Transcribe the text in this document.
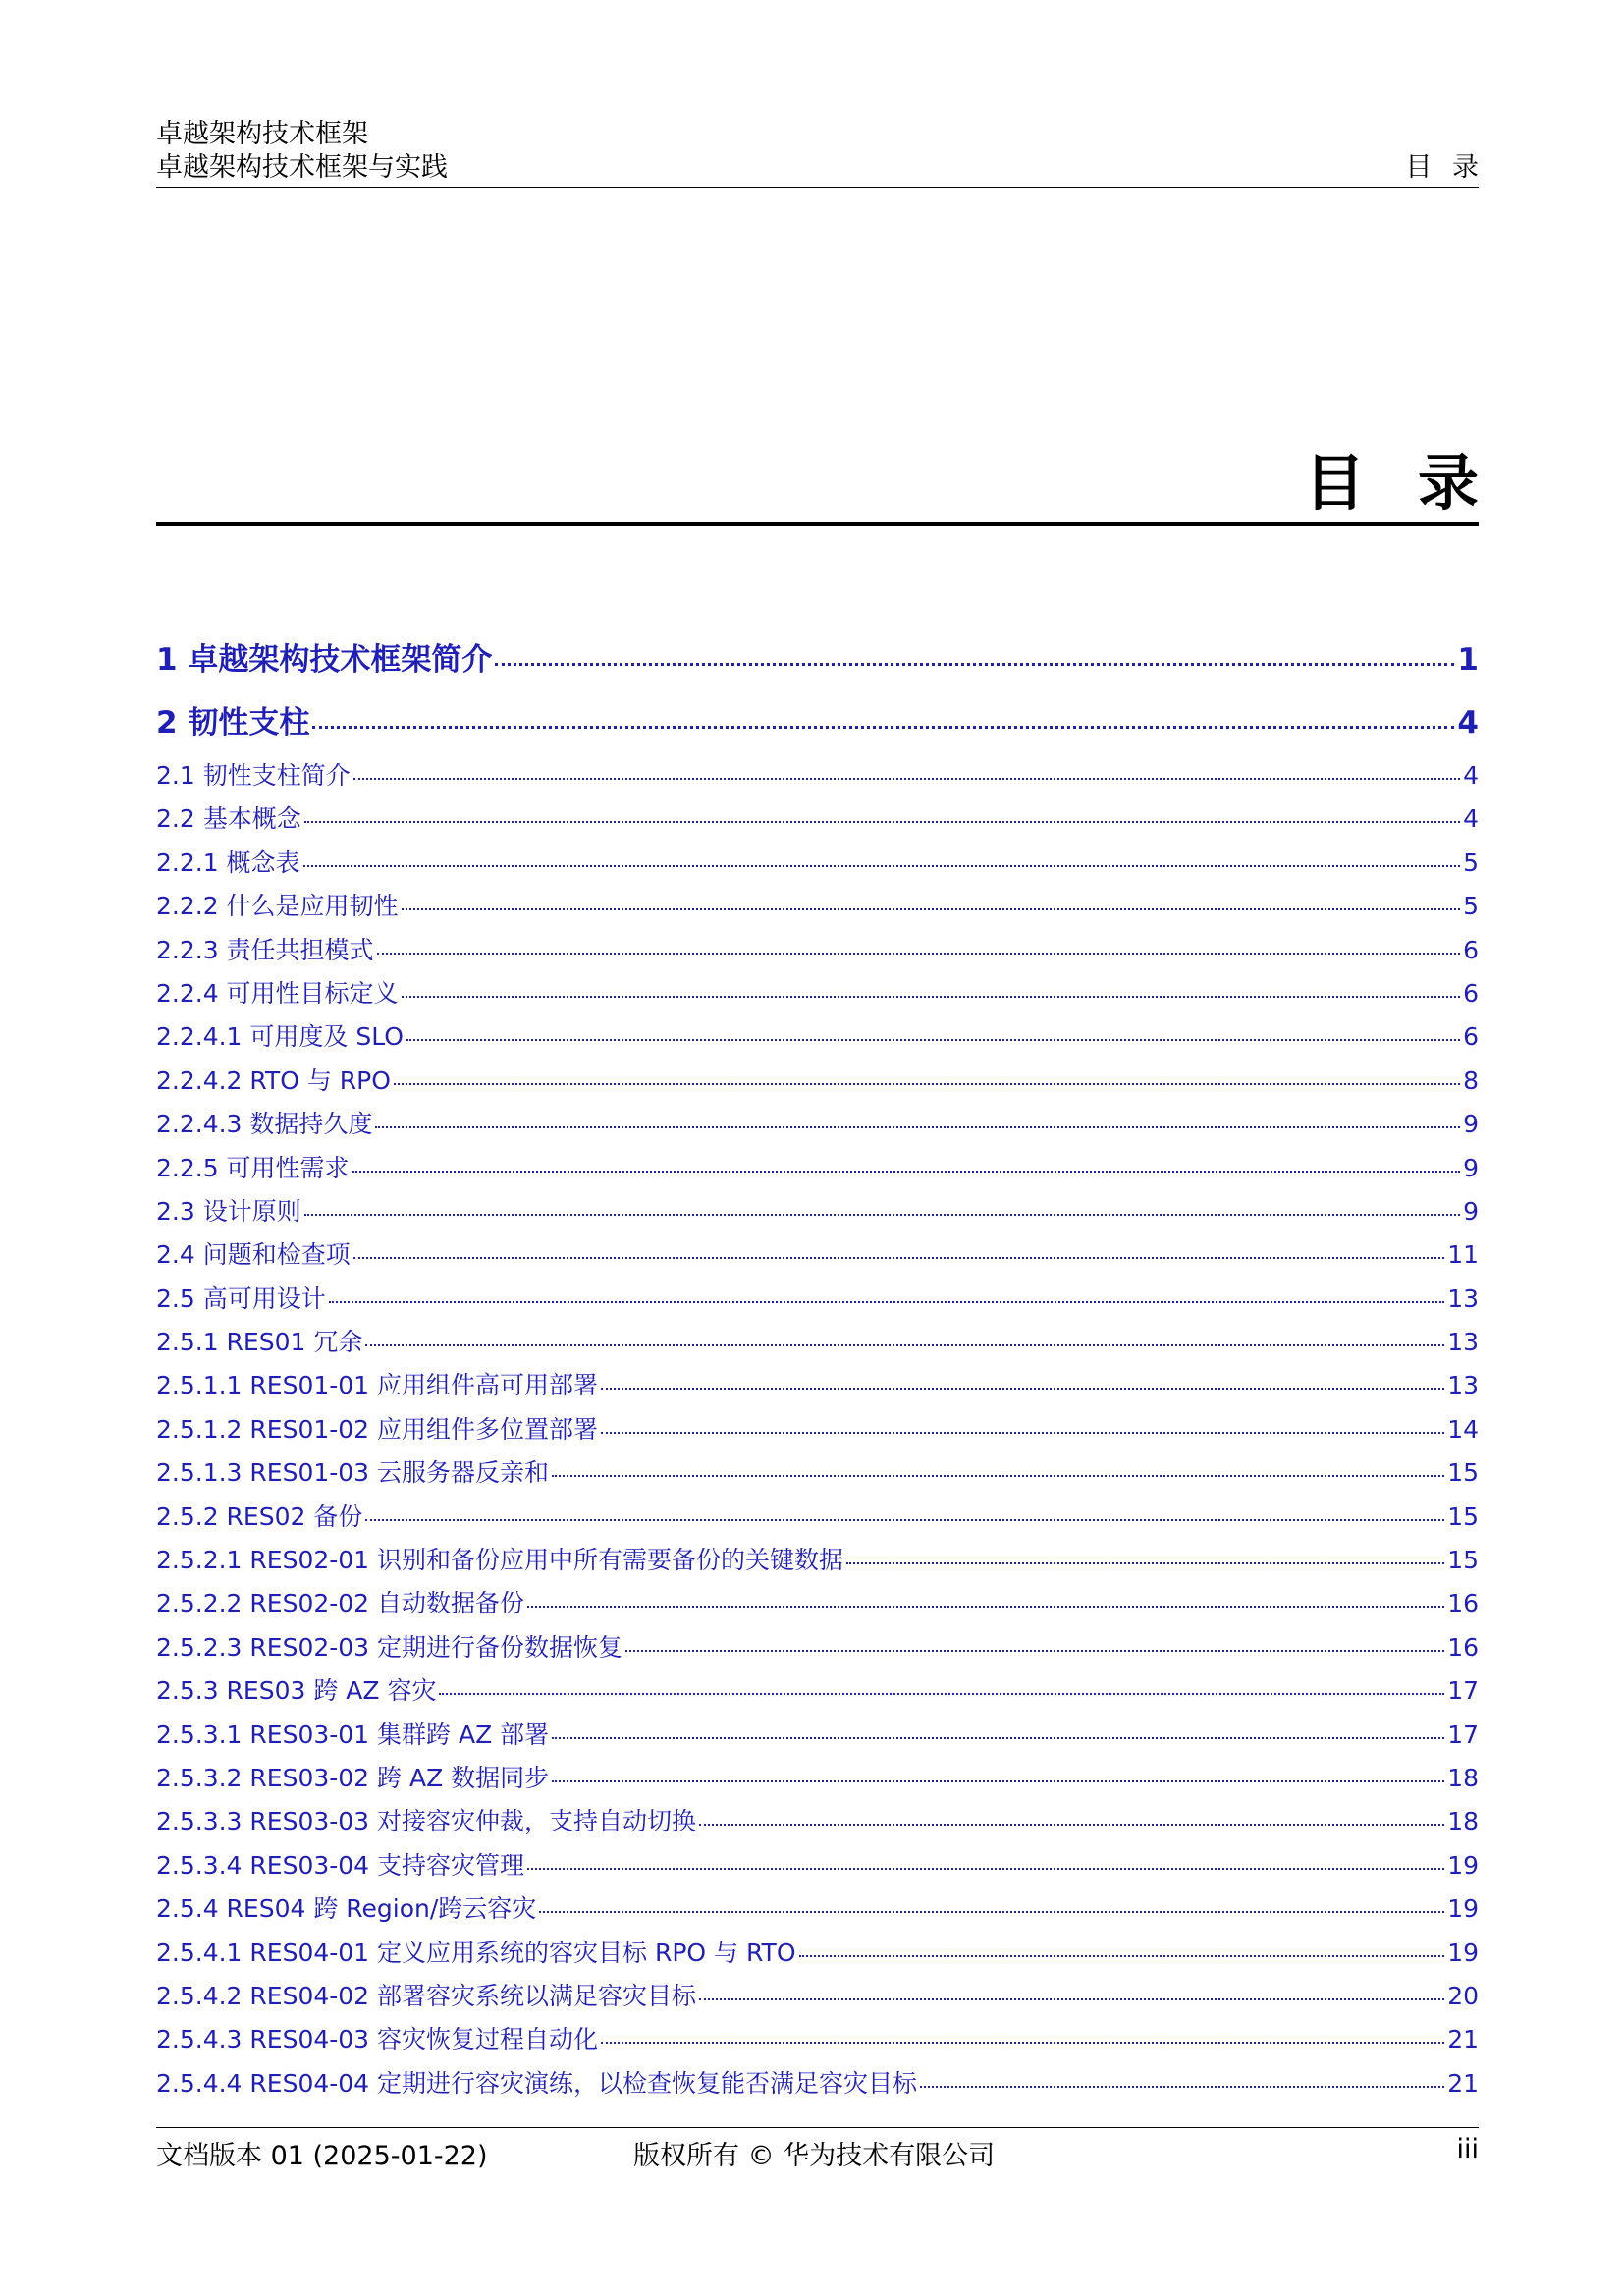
卓越架构技术框架
卓越架构技术框架与实践	目 录
目 录
1 卓越架构技术框架简介	1
2 韧性支柱	4
2.1 韧性支柱简介	4
2.2 基本概念	4
2.2.1 概念表	5
2.2.2 什么是应用韧性	5
2.2.3 责任共担模式	6
2.2.4 可用性目标定义	6
2.2.4.1 可用度及 SLO	6
2.2.4.2 RTO 与 RPO	8
2.2.4.3 数据持久度	9
2.2.5 可用性需求	9
2.3 设计原则	9
2.4 问题和检查项	11
2.5 高可用设计	13
2.5.1 RES01 冗余	13
2.5.1.1 RES01-01 应用组件高可用部署	13
2.5.1.2 RES01-02 应用组件多位置部署	14
2.5.1.3 RES01-03 云服务器反亲和	15
2.5.2 RES02 备份	15
2.5.2.1 RES02-01 识别和备份应用中所有需要备份的关键数据	15
2.5.2.2 RES02-02 自动数据备份	16
2.5.2.3 RES02-03 定期进行备份数据恢复	16
2.5.3 RES03 跨 AZ 容灾	17
2.5.3.1 RES03-01 集群跨 AZ 部署	17
2.5.3.2 RES03-02 跨 AZ 数据同步	18
2.5.3.3 RES03-03 对接容灾仲裁，支持自动切换	18
2.5.3.4 RES03-04 支持容灾管理	19
2.5.4 RES04 跨 Region/跨云容灾	19
2.5.4.1 RES04-01 定义应用系统的容灾目标 RPO 与 RTO	19
2.5.4.2 RES04-02 部署容灾系统以满足容灾目标	20
2.5.4.3 RES04-03 容灾恢复过程自动化	21
2.5.4.4 RES04-04 定期进行容灾演练，以检查恢复能否满足容灾目标	21
文档版本 01 (2025-01-22)	版权所有 © 华为技术有限公司	iii
